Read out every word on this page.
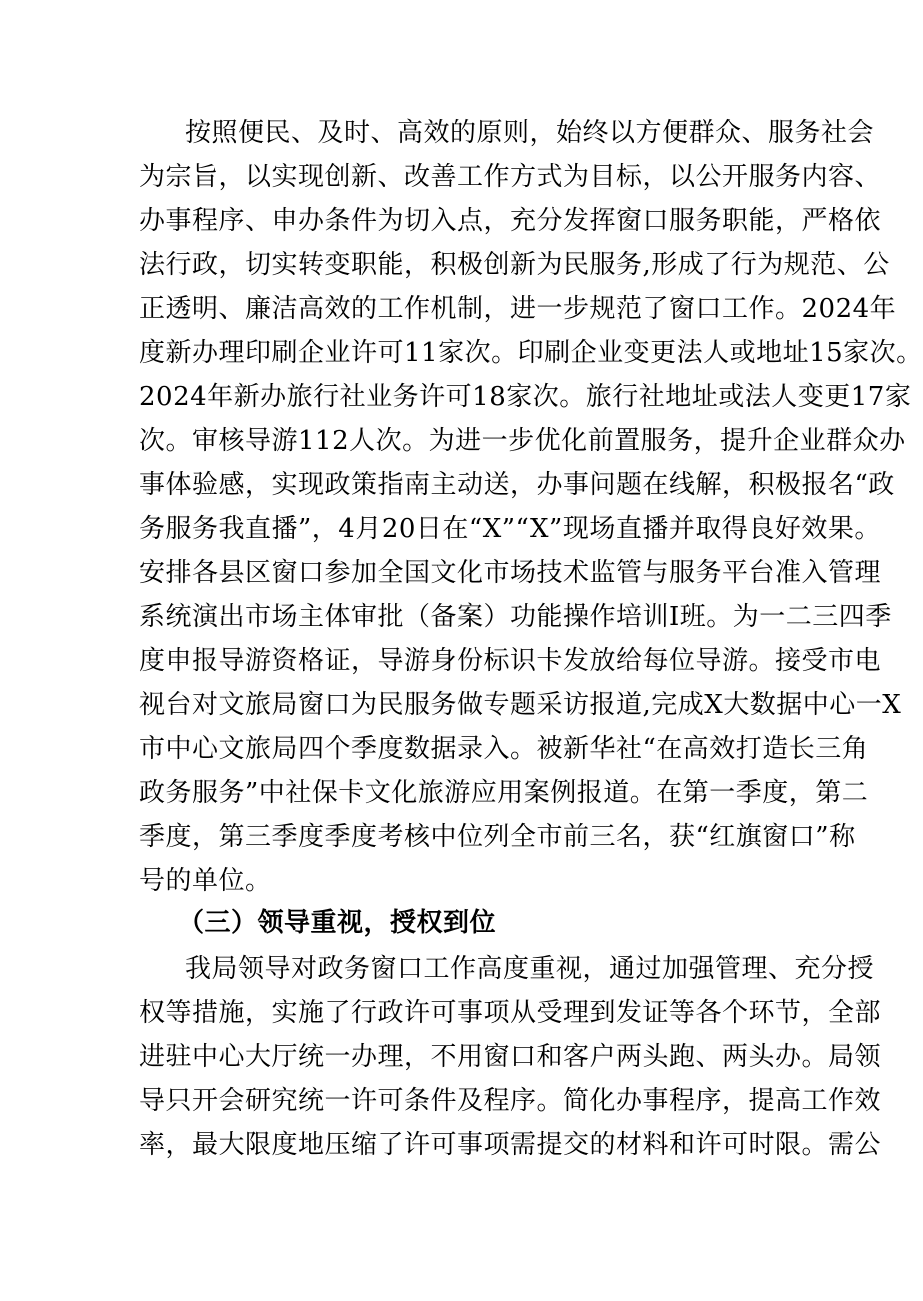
按照便民、及时、高效的原则，始终以方便群众、服务社会
为宗旨，以实现创新、改善工作方式为目标，以公开服务内容、
办事程序、申办条件为切入点，充分发挥窗口服务职能，严格依
法行政，切实转变职能，积极创新为民服务,形成了行为规范、公
正透明、廉洁高效的工作机制，进一步规范了窗口工作。2024年
度新办理印刷企业许可11家次。印刷企业变更法人或地址15家次。
2024年新办旅行社业务许可18家次。旅行社地址或法人变更17家
次。审核导游112人次。为进一步优化前置服务，提升企业群众办
事体验感，实现政策指南主动送，办事问题在线解，积极报名“政
务服务我直播”，4月20日在“X”“X”现场直播并取得良好效果。
安排各县区窗口参加全国文化市场技术监管与服务平台准入管理
系统演出市场主体审批（备案）功能操作培训I班。为一二三四季
度申报导游资格证，导游身份标识卡发放给每位导游。接受市电
视台对文旅局窗口为民服务做专题采访报道,完成X大数据中心一X
市中心文旅局四个季度数据录入。被新华社“在高效打造长三角
政务服务”中社保卡文化旅游应用案例报道。在第一季度，第二
季度，第三季度季度考核中位列全市前三名，获“红旗窗口”称
号的单位。
（三）领导重视，授权到位
我局领导对政务窗口工作高度重视，通过加强管理、充分授
权等措施，实施了行政许可事项从受理到发证等各个环节，全部
进驻中心大厅统一办理，不用窗口和客户两头跑、两头办。局领
导只开会研究统一许可条件及程序。简化办事程序，提高工作效
率，最大限度地压缩了许可事项需提交的材料和许可时限。需公
